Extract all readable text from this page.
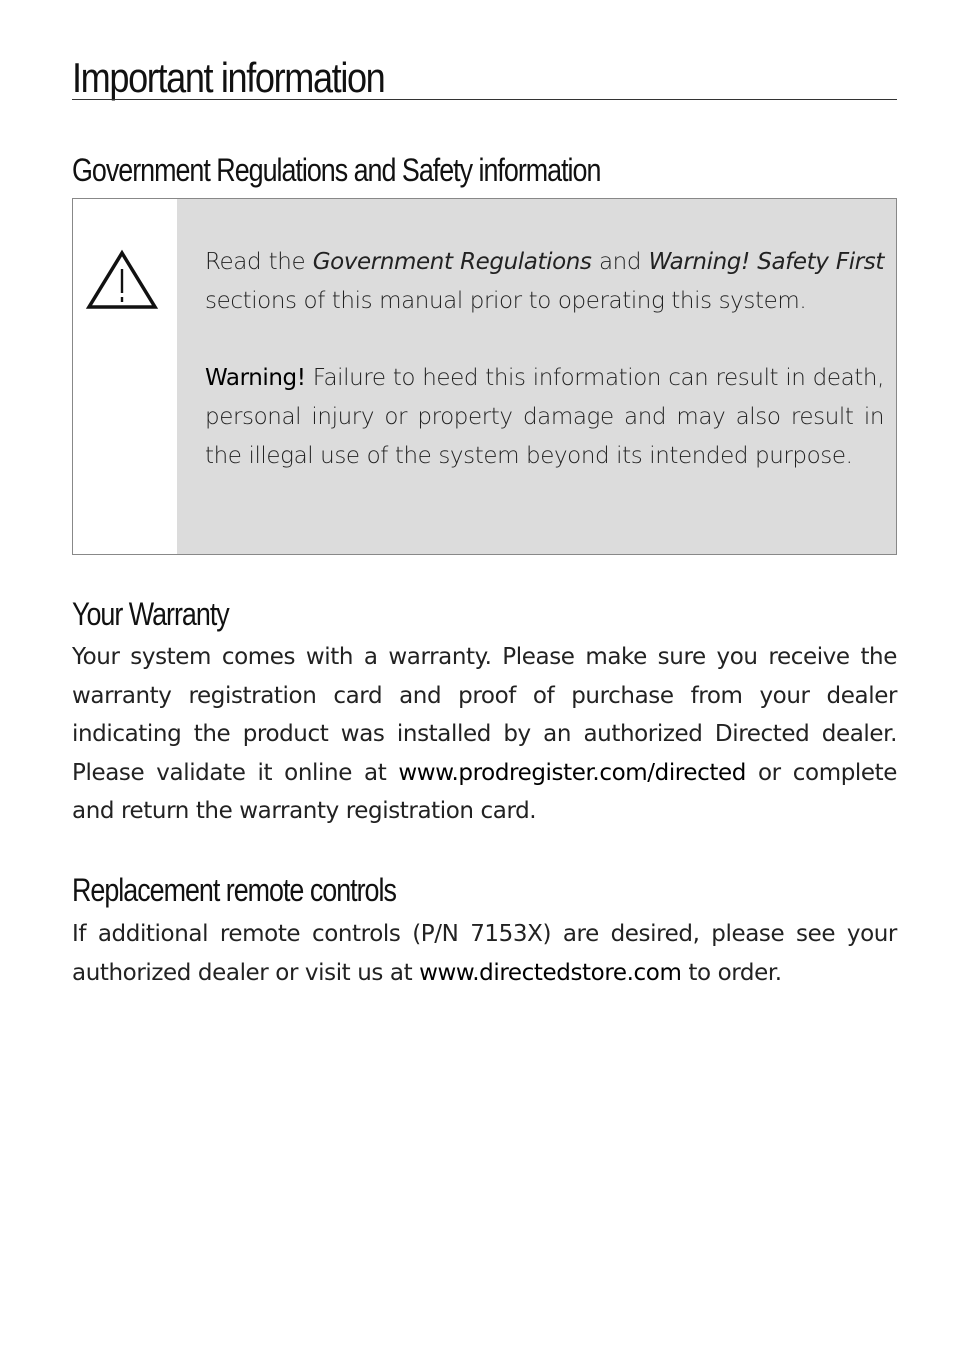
Important information
Government Regulations and Safety information

Read the Government Regulations and Warning! Safety First sections of this manual prior to operating this system.

Warning! Failure to heed this information can result in death, personal injury or property damage and may also result in the illegal use of the system beyond its intended purpose.

Your Warranty

Your system comes with a warranty. Please make sure you receive the warranty registration card and proof of purchase from your dealer indicating the product was installed by an authorized Directed dealer. Please validate it online at www.prodregister.com/directed or complete and return the warranty registration card.

Replacement remote controls

If additional remote controls (P/N 7153X) are desired, please see your authorized dealer or visit us at www.directedstore.com to order.
